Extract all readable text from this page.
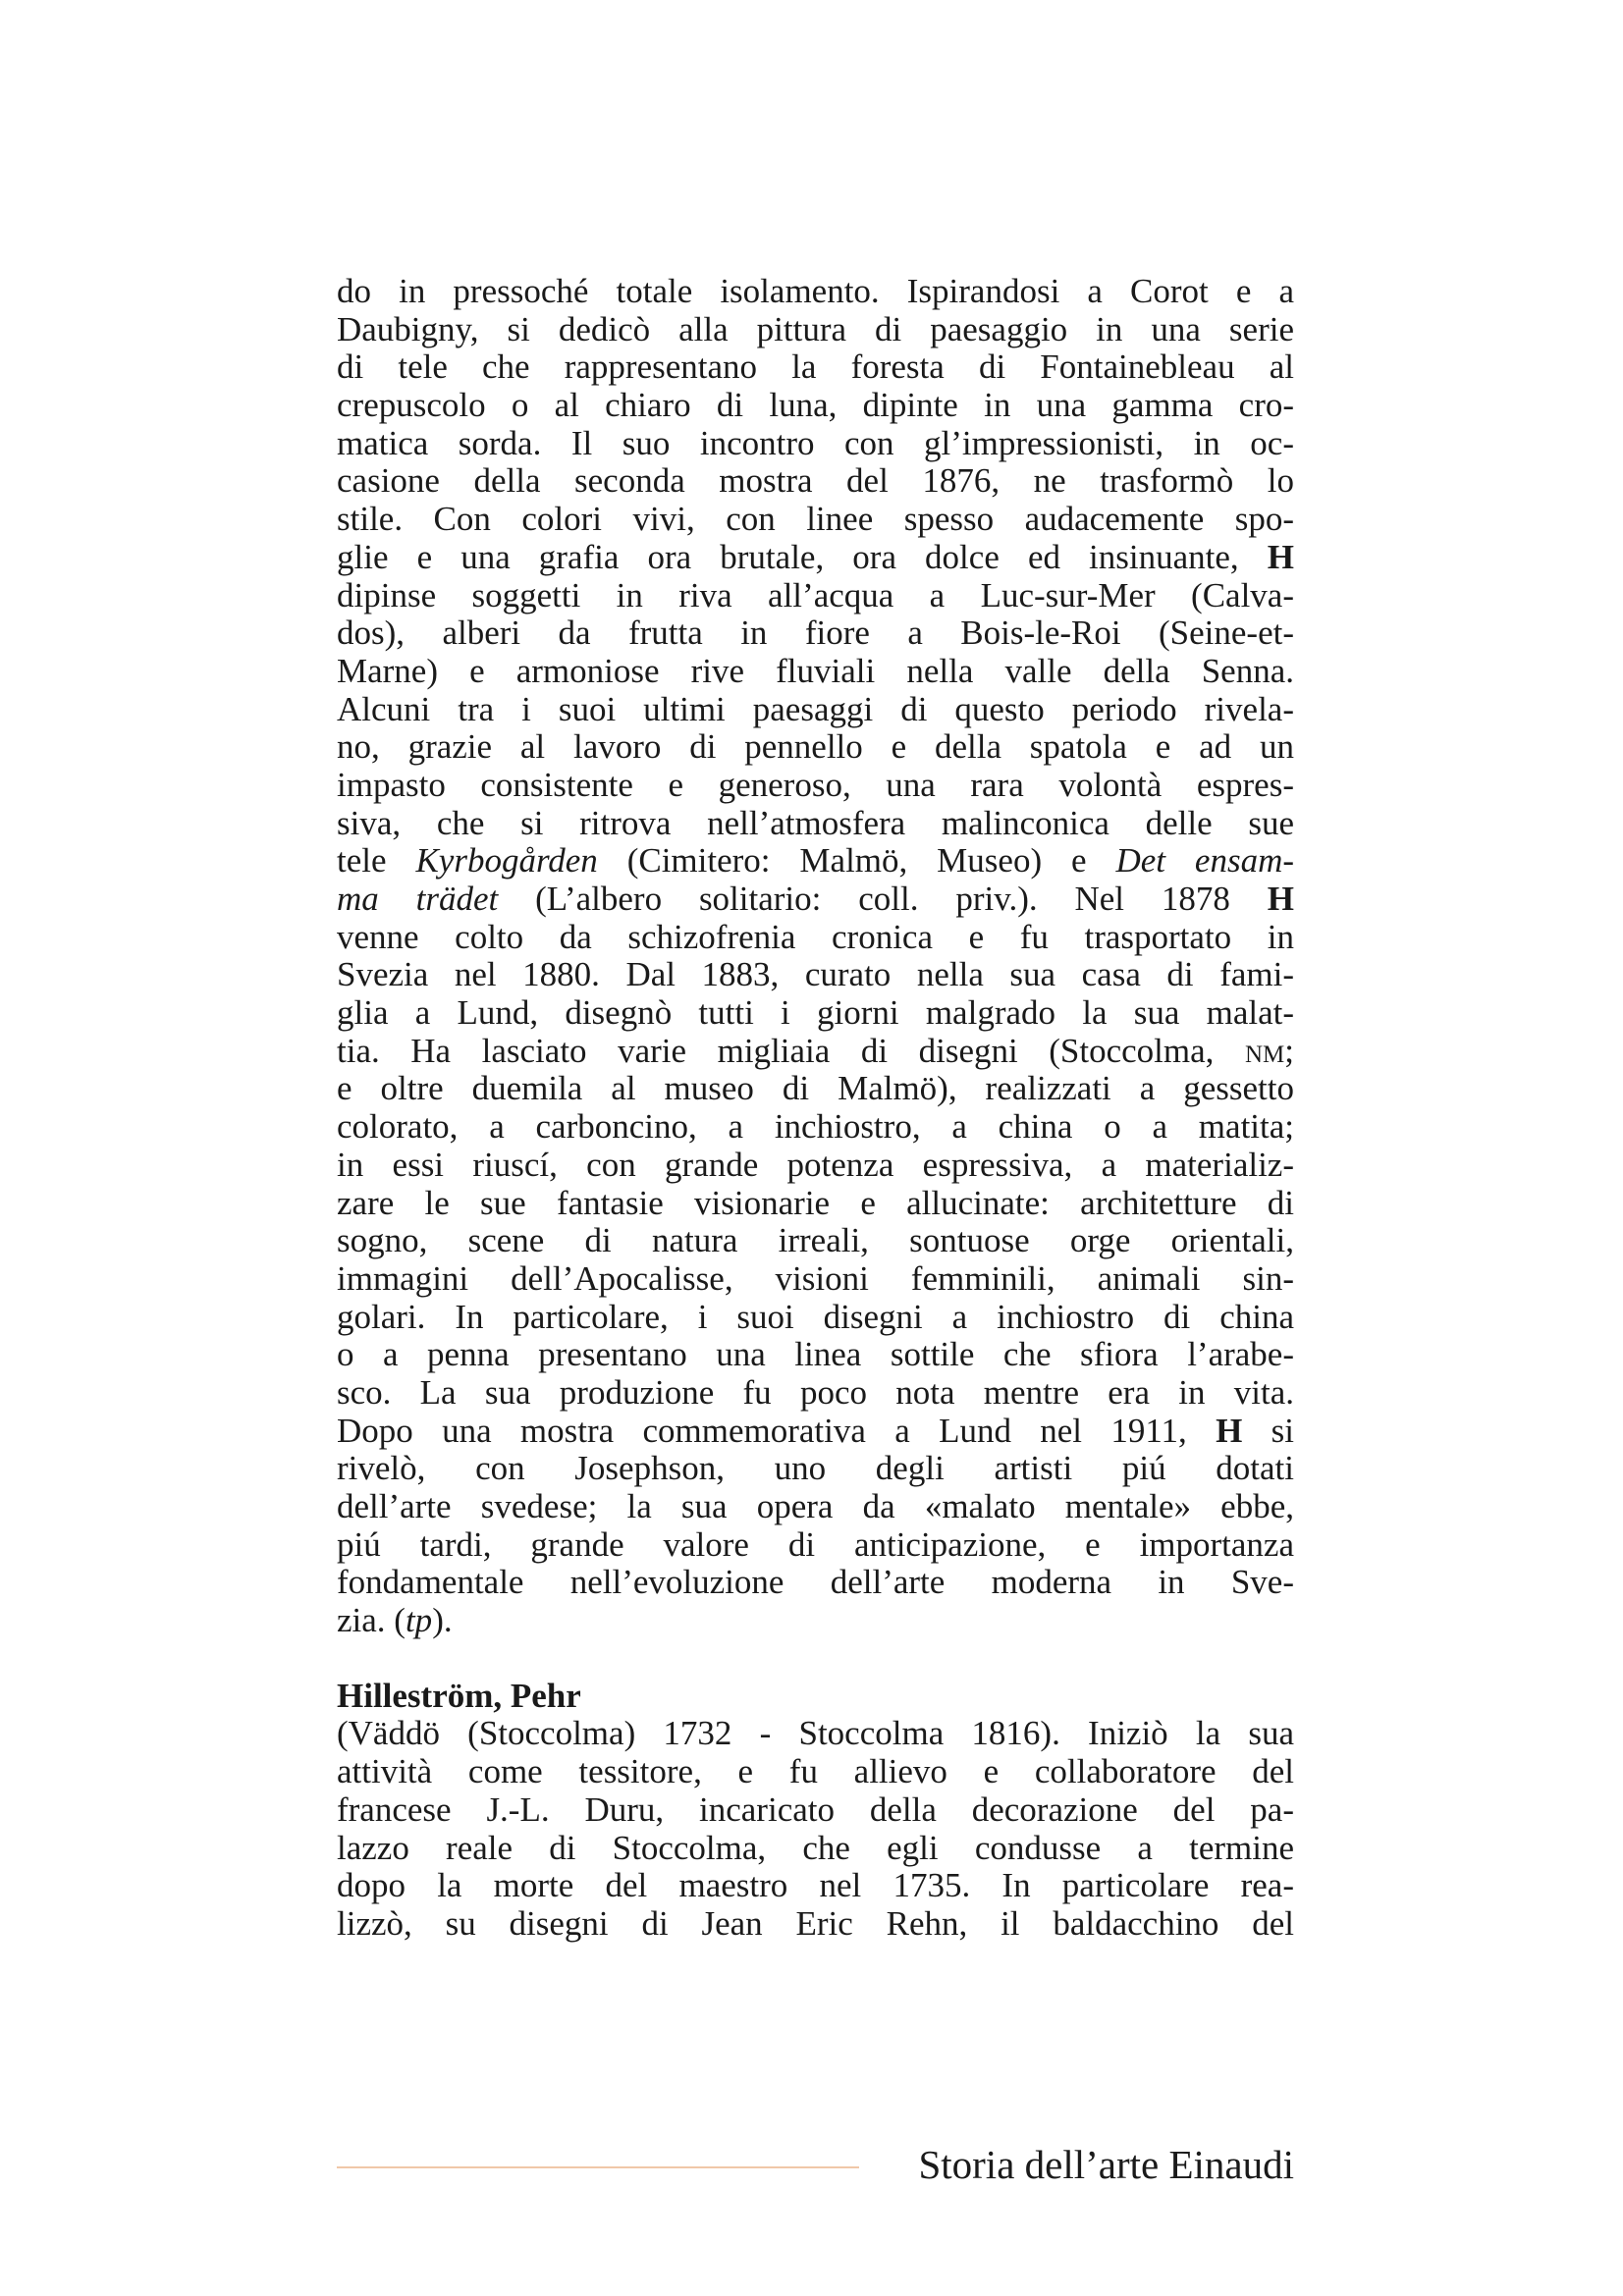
do in pressoché totale isolamento. Ispirandosi a Corot e a
Daubigny, si dedicò alla pittura di paesaggio in una serie
di tele che rappresentano la foresta di Fontainebleau al
crepuscolo o al chiaro di luna, dipinte in una gamma cro-
matica sorda. Il suo incontro con gl’impressionisti, in oc-
casione della seconda mostra del 1876, ne trasformò lo
stile. Con colori vivi, con linee spesso audacemente spo-
glie e una grafia ora brutale, ora dolce ed insinuante, H
dipinse soggetti in riva all’acqua a Luc-sur-Mer (Calva-
dos), alberi da frutta in fiore a Bois-le-Roi (Seine-et-
Marne) e armoniose rive fluviali nella valle della Senna.
Alcuni tra i suoi ultimi paesaggi di questo periodo rivela-
no, grazie al lavoro di pennello e della spatola e ad un
impasto consistente e generoso, una rara volontà espres-
siva, che si ritrova nell’atmosfera malinconica delle sue
tele Kyrbogården (Cimitero: Malmö, Museo) e Det ensam-
ma trädet (L’albero solitario: coll. priv.). Nel 1878 H
venne colto da schizofrenia cronica e fu trasportato in
Svezia nel 1880. Dal 1883, curato nella sua casa di fami-
glia a Lund, disegnò tutti i giorni malgrado la sua malat-
tia. Ha lasciato varie migliaia di disegni (Stoccolma, nm;
e oltre duemila al museo di Malmö), realizzati a gessetto
colorato, a carboncino, a inchiostro, a china o a matita;
in essi riuscí, con grande potenza espressiva, a materializ-
zare le sue fantasie visionarie e allucinate: architetture di
sogno, scene di natura irreali, sontuose orge orientali,
immagini dell’Apocalisse, visioni femminili, animali sin-
golari. In particolare, i suoi disegni a inchiostro di china
o a penna presentano una linea sottile che sfiora l’arabe-
sco. La sua produzione fu poco nota mentre era in vita.
Dopo una mostra commemorativa a Lund nel 1911, H si
rivelò, con Josephson, uno degli artisti piú dotati
dell’arte svedese; la sua opera da «malato mentale» ebbe,
piú tardi, grande valore di anticipazione, e importanza
fondamentale nell’evoluzione dell’arte moderna in Sve-
zia. (tp).
Hilleström, Pehr
(Väddö (Stoccolma) 1732 - Stoccolma 1816). Iniziò la sua
attività come tessitore, e fu allievo e collaboratore del
francese J.-L. Duru, incaricato della decorazione del pa-
lazzo reale di Stoccolma, che egli condusse a termine
dopo la morte del maestro nel 1735. In particolare rea-
lizzò, su disegni di Jean Eric Rehn, il baldacchino del
Storia dell’arte Einaudi
